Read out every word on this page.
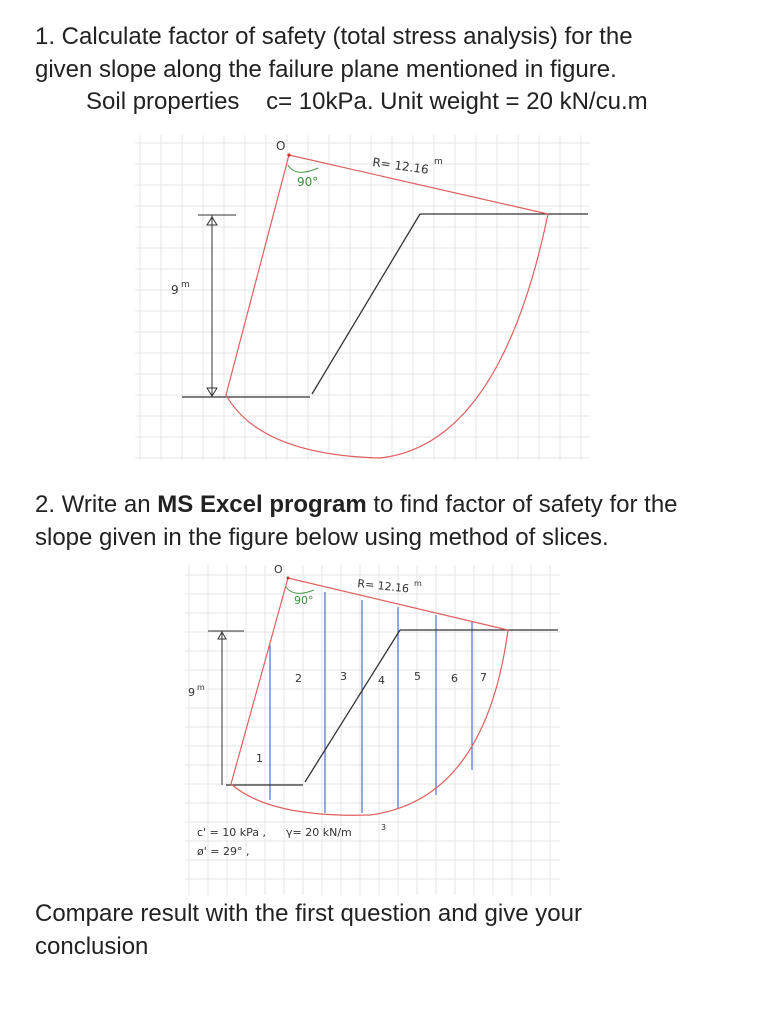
1. Calculate factor of safety (total stress analysis) for the
given slope along the failure plane mentioned in figure.
Soil properties    c= 10kPa. Unit weight = 20 kN/cu.m
O
90°
R= 12.16 m
9 m
2. Write an MS Excel program to find factor of safety for the
slope given in the figure below using method of slices.
O
90°
R= 12.16 m
9 m
1
2	3	4	5	6 7
c' = 10 kPa , γ= 20 kN/m	3
ø' = 29° ,
Compare result with the first question and give your
conclusion
